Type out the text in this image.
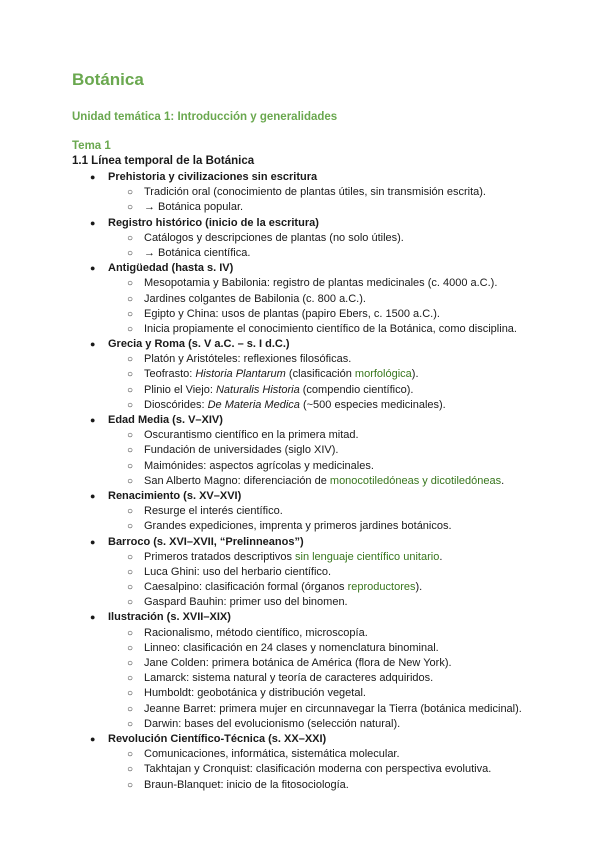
Botánica
Unidad temática 1: Introducción y generalidades
Tema 1
1.1 Línea temporal de la Botánica
● Prehistoria y civilizaciones sin escritura
○ Tradición oral (conocimiento de plantas útiles, sin transmisión escrita).
○ → Botánica popular.
● Registro histórico (inicio de la escritura)
○ Catálogos y descripciones de plantas (no solo útiles).
○ → Botánica científica.
● Antigüedad (hasta s. IV)
○ Mesopotamia y Babilonia: registro de plantas medicinales (c. 4000 a.C.).
○ Jardines colgantes de Babilonia (c. 800 a.C.).
○ Egipto y China: usos de plantas (papiro Ebers, c. 1500 a.C.).
○ Inicia propiamente el conocimiento científico de la Botánica, como disciplina.
● Grecia y Roma (s. V a.C. – s. I d.C.)
○ Platón y Aristóteles: reflexiones filosóficas.
○ Teofrasto: Historia Plantarum (clasificación morfológica).
○ Plinio el Viejo: Naturalis Historia (compendio científico).
○ Dioscórides: De Materia Medica (~500 especies medicinales).
● Edad Media (s. V–XIV)
○ Oscurantismo científico en la primera mitad.
○ Fundación de universidades (siglo XIV).
○ Maimónides: aspectos agrícolas y medicinales.
○ San Alberto Magno: diferenciación de monocotiledóneas y dicotiledóneas.
● Renacimiento (s. XV–XVI)
○ Resurge el interés científico.
○ Grandes expediciones, imprenta y primeros jardines botánicos.
● Barroco (s. XVI–XVII, “Prelinneanos”)
○ Primeros tratados descriptivos sin lenguaje científico unitario.
○ Luca Ghini: uso del herbario científico.
○ Caesalpino: clasificación formal (órganos reproductores).
○ Gaspard Bauhin: primer uso del binomen.
● Ilustración (s. XVII–XIX)
○ Racionalismo, método científico, microscopía.
○ Linneo: clasificación en 24 clases y nomenclatura binominal.
○ Jane Colden: primera botánica de América (flora de New York).
○ Lamarck: sistema natural y teoría de caracteres adquiridos.
○ Humboldt: geobotánica y distribución vegetal.
○ Jeanne Barret: primera mujer en circunnavegar la Tierra (botánica medicinal).
○ Darwin: bases del evolucionismo (selección natural).
● Revolución Científico-Técnica (s. XX–XXI)
○ Comunicaciones, informática, sistemática molecular.
○ Takhtajan y Cronquist: clasificación moderna con perspectiva evolutiva.
○ Braun-Blanquet: inicio de la fitosociología.
